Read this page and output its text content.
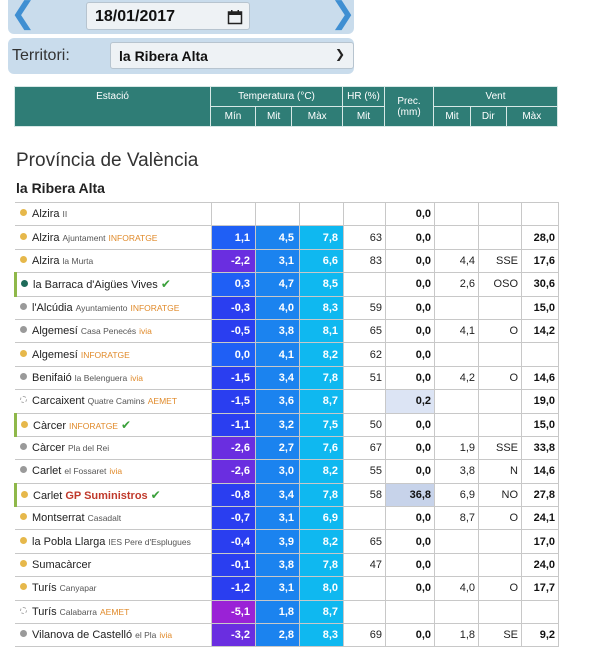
❮	18/01/2017	❯
Territori:	la Ribera Alta	❯
Estació	Temperatura (°C)			HR (%)	Prec. (mm)	Vent		
	Mín	Mit	Màx	Mit		Mit	Dir	Màx
Província de València
la Ribera Alta
Alzira II					0,0			
Alzira Ajuntament INFORATGE	1,1	4,5	7,8	63	0,0			28,0
Alzira la Murta	-2,2	3,1	6,6	83	0,0	4,4	SSE	17,6
la Barraca d'Aigües Vives ✔	0,3	4,7	8,5		0,0	2,6	OSO	30,6
l'Alcúdia Ayuntamiento INFORATGE	-0,3	4,0	8,3	59	0,0			15,0
Algemesí Casa Penecés ivia	-0,5	3,8	8,1	65	0,0	4,1	O	14,2
Algemesí INFORATGE	0,0	4,1	8,2	62	0,0			
Benifaió la Belenguera ivia	-1,5	3,4	7,8	51	0,0	4,2	O	14,6
Carcaixent Quatre Camins AEMET	-1,5	3,6	8,7		0,2			19,0
Càrcer INFORATGE ✔	-1,1	3,2	7,5	50	0,0			15,0
Càrcer Pla del Rei	-2,6	2,7	7,6	67	0,0	1,9	SSE	33,8
Carlet el Fossaret ivia	-2,6	3,0	8,2	55	0,0	3,8	N	14,6
Carlet GP Suministros ✔	-0,8	3,4	7,8	58	36,8	6,9	NO	27,8
Montserrat Casadalt	-0,7	3,1	6,9		0,0	8,7	O	24,1
la Pobla Llarga IES Pere d'Esplugues	-0,4	3,9	8,2	65	0,0			17,0
Sumacàrcer	-0,1	3,8	7,8	47	0,0			24,0
Turís Canyapar	-1,2	3,1	8,0		0,0	4,0	O	17,7
Turís Calabarra AEMET	-5,1	1,8	8,7					
Vilanova de Castelló el Pla ivia	-3,2	2,8	8,3	69	0,0	1,8	SE	9,2
